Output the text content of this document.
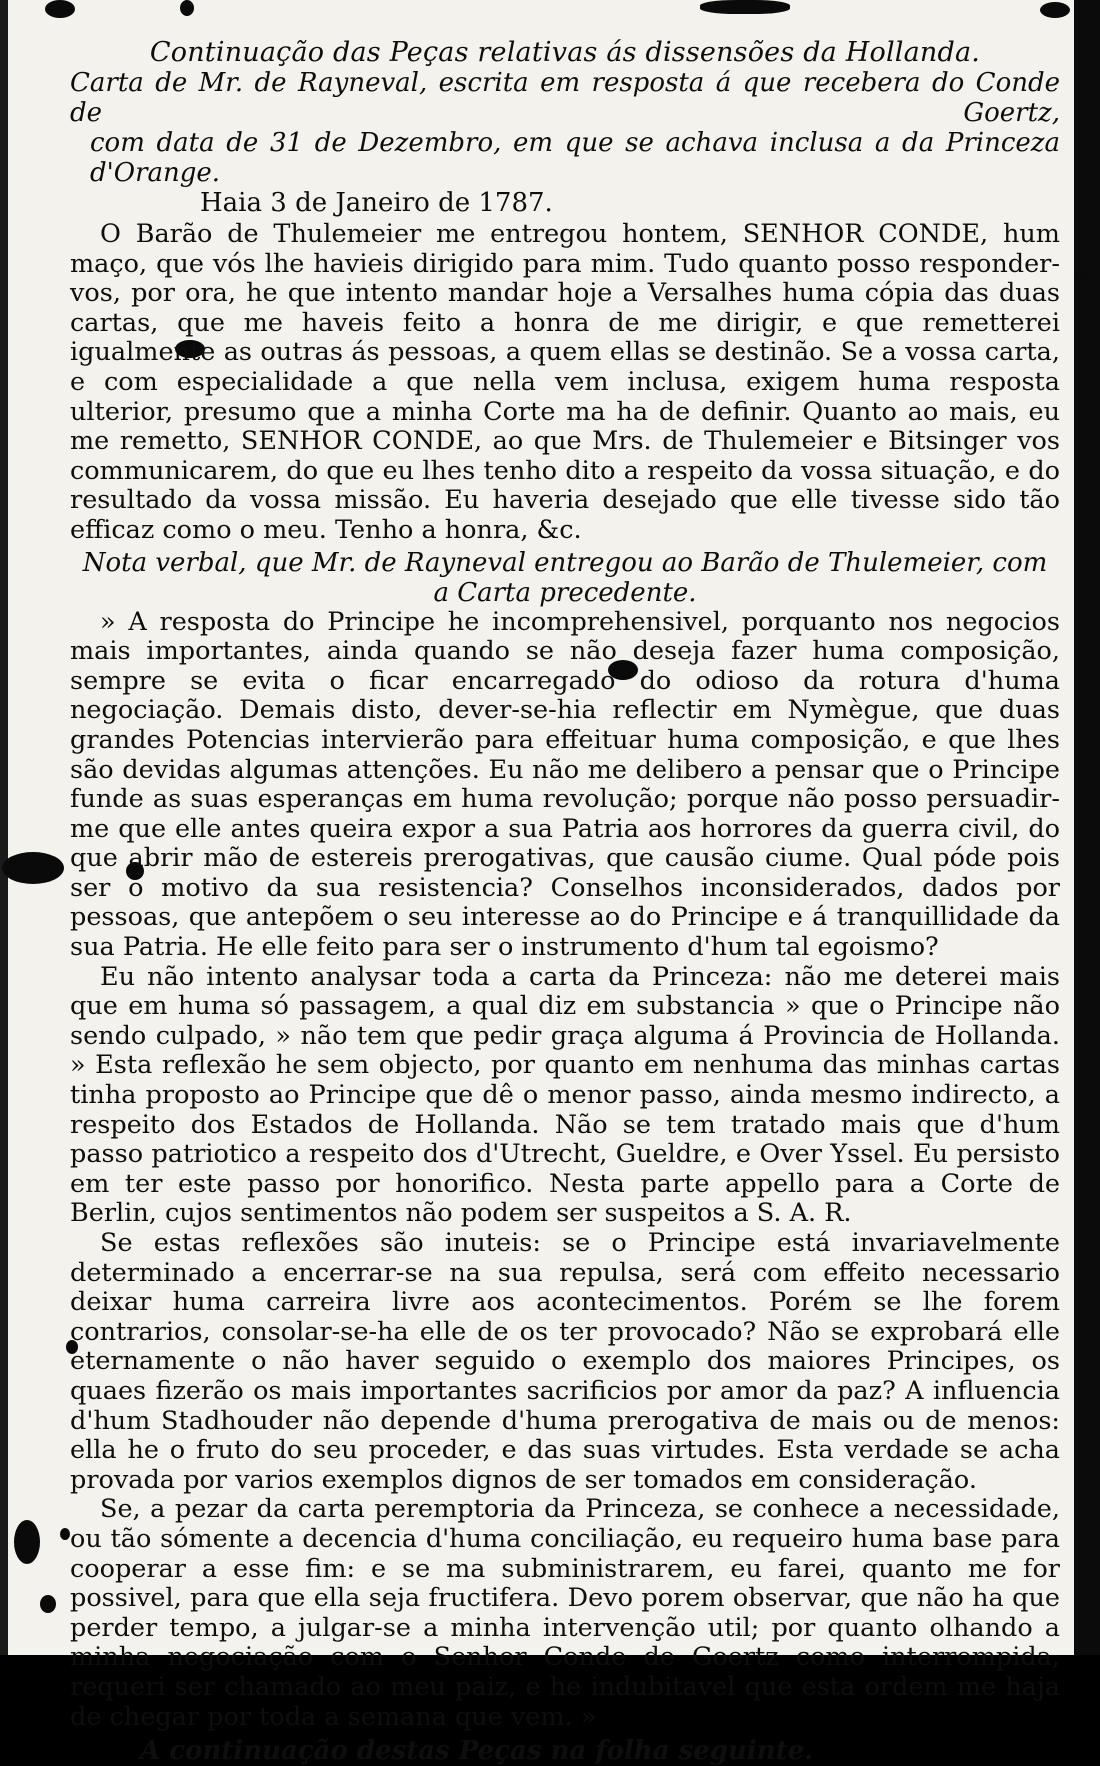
Continuação das Peças relativas ás dissensões da Hollanda.

Carta de Mr. de Rayneval, escrita em resposta á que recebera do Conde de Goertz,

com data de 31 de Dezembro, em que se achava inclusa a da Princeza d'Orange.

Haia 3 de Janeiro de 1787.

O Barão de Thulemeier me entregou hontem, SENHOR CONDE, hum maço, que vós lhe havieis dirigido para mim. Tudo quanto posso responder-vos, por ora, he que intento mandar hoje a Versalhes huma cópia das duas cartas, que me haveis feito a honra de me dirigir, e que remetterei igualmente as outras ás pessoas, a quem ellas se destinão. Se a vossa carta, e com especialidade a que nella vem inclusa, exigem huma resposta ulterior, presumo que a minha Corte ma ha de definir. Quanto ao mais, eu me remetto, SENHOR CONDE, ao que Mrs. de Thulemeier e Bitsinger vos communicarem, do que eu lhes tenho dito a respeito da vossa situação, e do resultado da vossa missão. Eu haveria desejado que elle tivesse sido tão efficaz como o meu. Tenho a honra, &c.

Nota verbal, que Mr. de Rayneval entregou ao Barão de Thulemeier, com

a Carta precedente.

» A resposta do Principe he incomprehensivel, porquanto nos negocios mais importantes, ainda quando se não deseja fazer huma composição, sempre se evita o ficar encarregado do odioso da rotura d'huma negociação. Demais disto, dever-se-hia reflectir em Nymègue, que duas grandes Potencias intervierão para effeituar huma composição, e que lhes são devidas algumas attenções. Eu não me delibero a pensar que o Principe funde as suas esperanças em huma revolução; porque não posso persuadir-me que elle antes queira expor a sua Patria aos horrores da guerra civil, do que abrir mão de estereis prerogativas, que causão ciume. Qual póde pois ser o motivo da sua resistencia? Conselhos inconsiderados, dados por pessoas, que antepõem o seu interesse ao do Principe e á tranquillidade da sua Patria. He elle feito para ser o instrumento d'hum tal egoismo?

Eu não intento analysar toda a carta da Princeza: não me deterei mais que em huma só passagem, a qual diz em substancia » que o Principe não sendo culpado, » não tem que pedir graça alguma á Provincia de Hollanda. » Esta reflexão he sem objecto, por quanto em nenhuma das minhas cartas tinha proposto ao Principe que dê o menor passo, ainda mesmo indirecto, a respeito dos Estados de Hollanda. Não se tem tratado mais que d'hum passo patriotico a respeito dos d'Utrecht, Gueldre, e Over Yssel. Eu persisto em ter este passo por honorifico. Nesta parte appello para a Corte de Berlin, cujos sentimentos não podem ser suspeitos a S. A. R.

Se estas reflexões são inuteis: se o Principe está invariavelmente determinado a encerrar-se na sua repulsa, será com effeito necessario deixar huma carreira livre aos acontecimentos. Porém se lhe forem contrarios, consolar-se-ha elle de os ter provocado? Não se exprobará elle eternamente o não haver seguido o exemplo dos maiores Principes, os quaes fizerão os mais importantes sacrificios por amor da paz? A influencia d'hum Stadhouder não depende d'huma prerogativa de mais ou de menos: ella he o fruto do seu proceder, e das suas virtudes. Esta verdade se acha provada por varios exemplos dignos de ser tomados em consideração.

Se, a pezar da carta peremptoria da Princeza, se conhece a necessidade, ou tão sómente a decencia d'huma conciliação, eu requeiro huma base para cooperar a esse fim: e se ma subministrarem, eu farei, quanto me for possivel, para que ella seja fructifera. Devo porem observar, que não ha que perder tempo, a julgar-se a minha intervenção util; por quanto olhando a minha negociação com o Senhor Conde de Goertz como interrompida, requeri ser chamado ao meu paiz, e he indubitavel que esta ordem me haja de chegar por toda a semana que vem. »

A continuação destas Peças na folha seguinte.
